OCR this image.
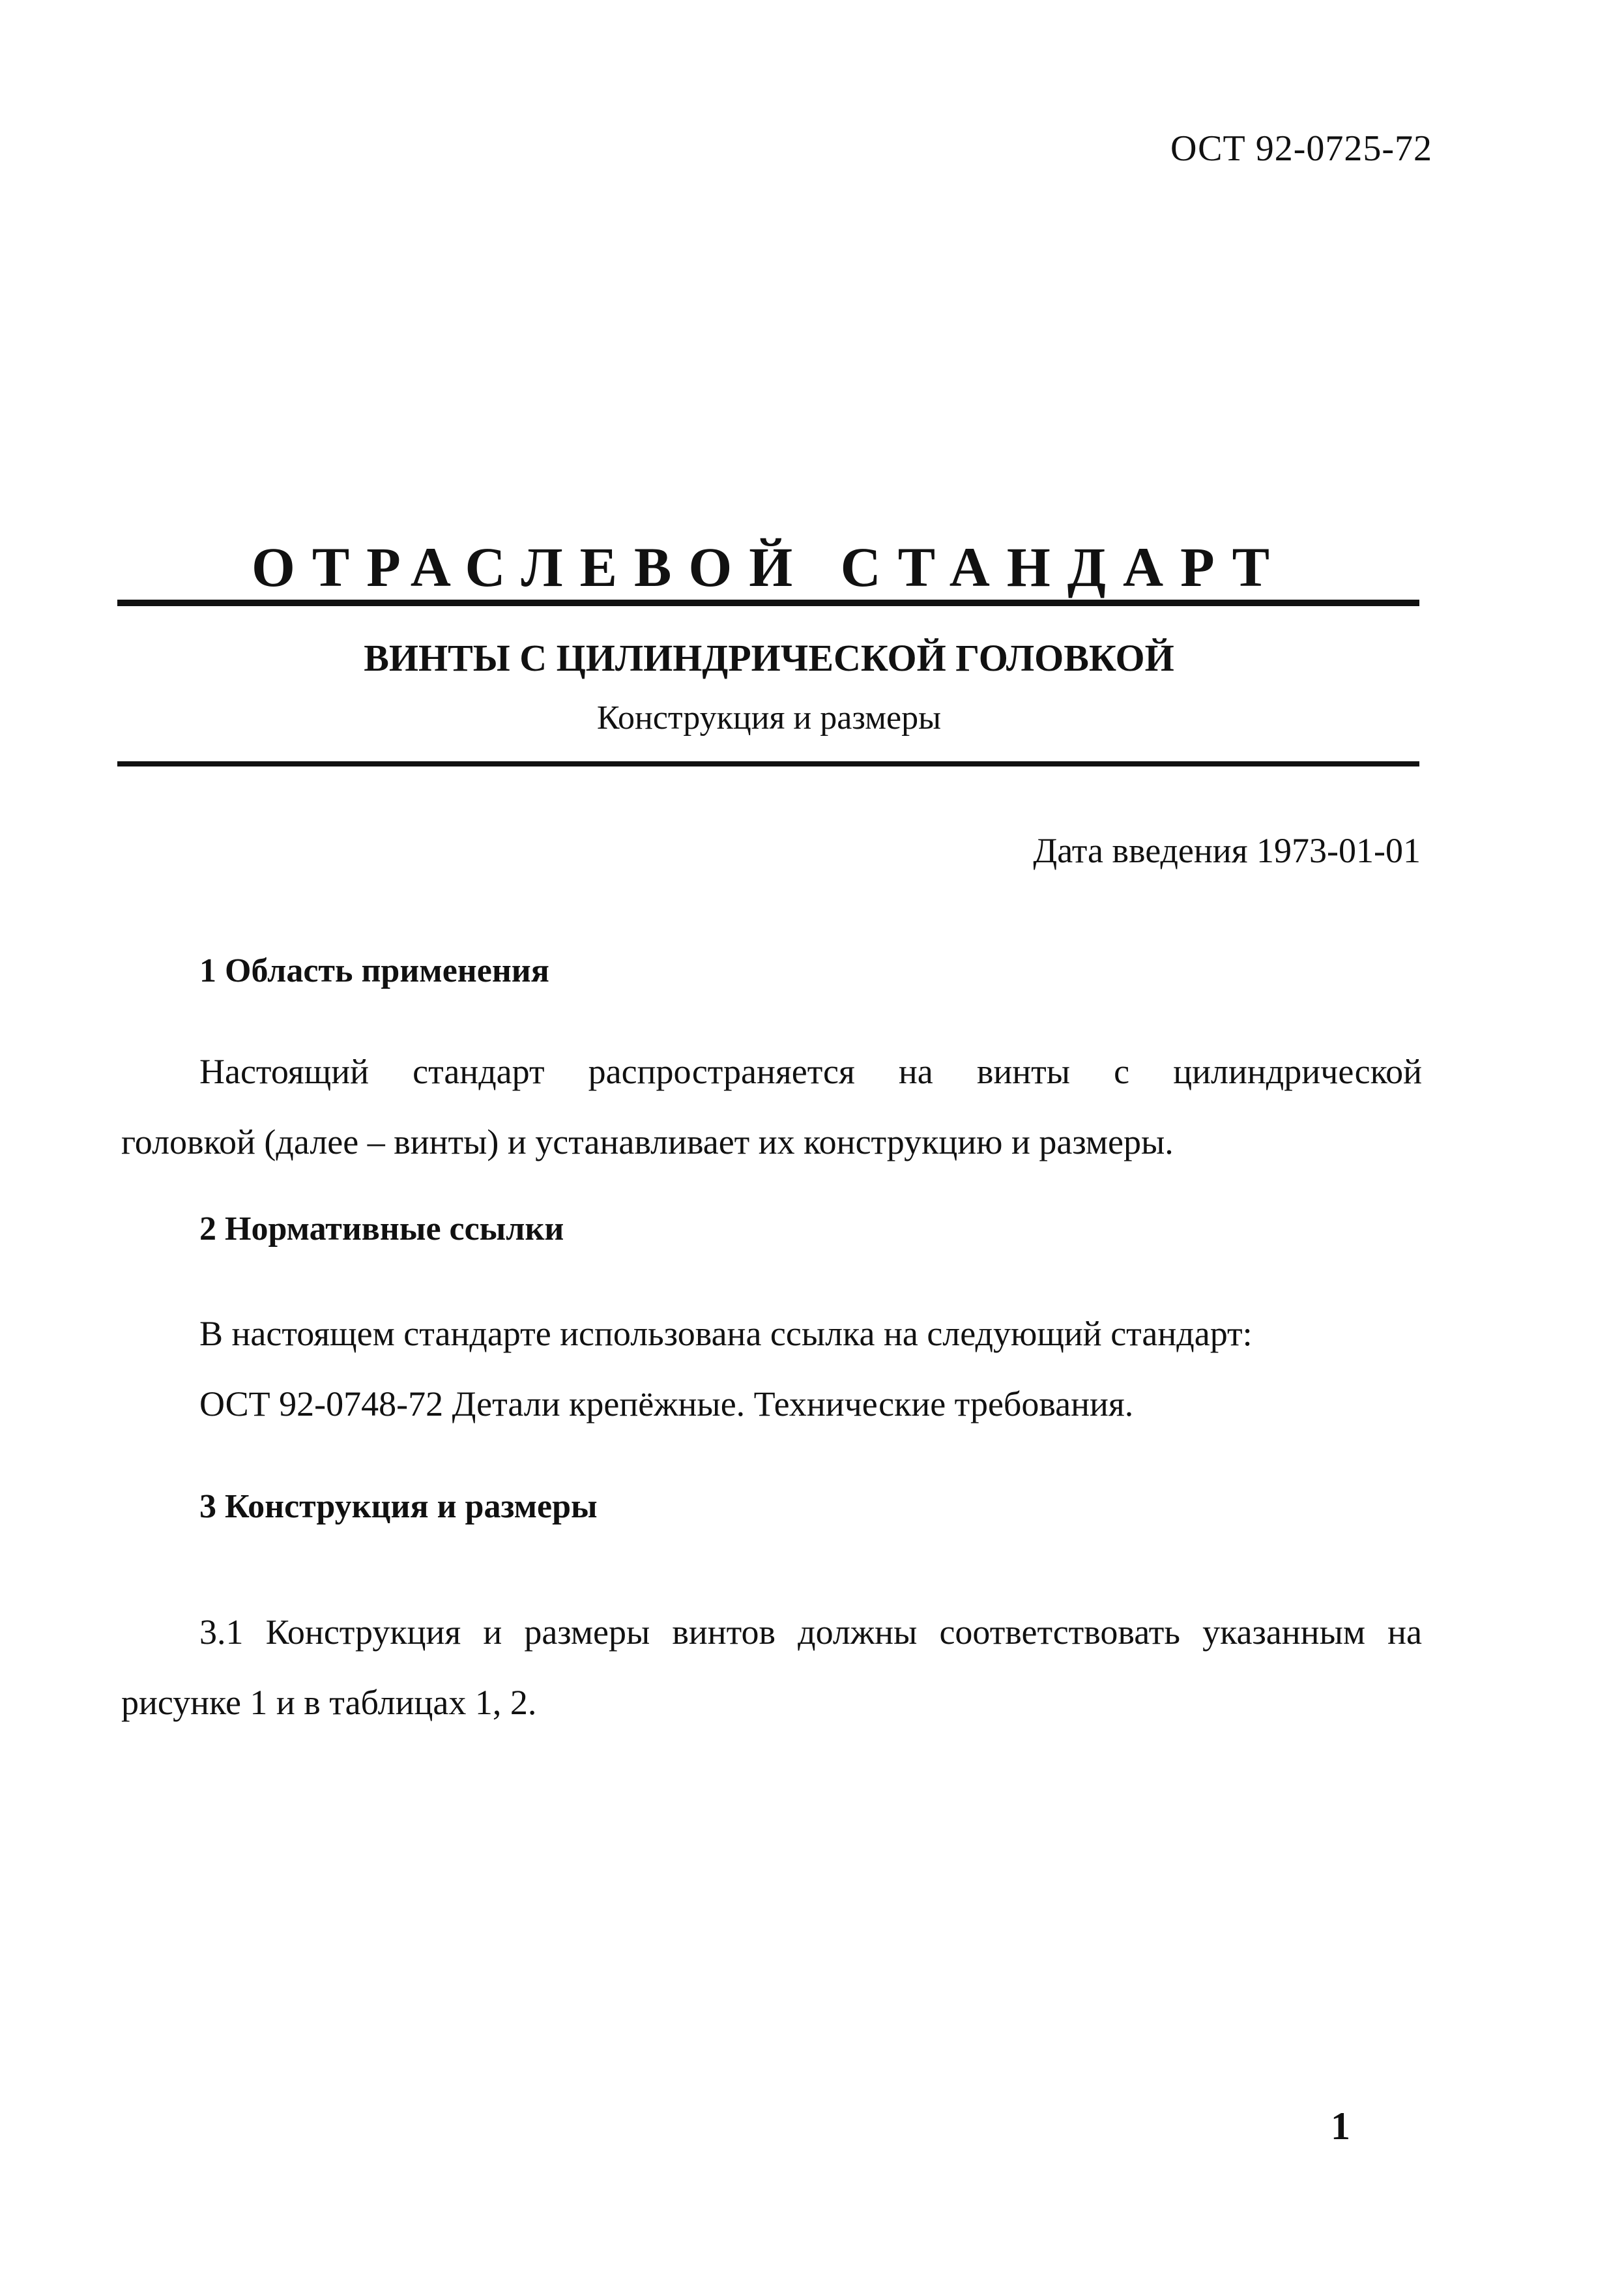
ОСТ 92-0725-72
ОТРАСЛЕВОЙ СТАНДАРТ
ВИНТЫ С ЦИЛИНДРИЧЕСКОЙ ГОЛОВКОЙ
Конструкция и размеры
Дата введения 1973-01-01
1 Область применения
Настоящий стандарт распространяется на винты с цилиндрической
головкой (далее – винты) и устанавливает их конструкцию и размеры.
2 Нормативные ссылки
В настоящем стандарте использована ссылка на следующий стандарт:
ОСТ 92-0748-72 Детали крепёжные. Технические требования.
3 Конструкция и размеры
3.1 Конструкция и размеры винтов должны соответствовать указанным на
рисунке 1 и в таблицах 1, 2.
1
